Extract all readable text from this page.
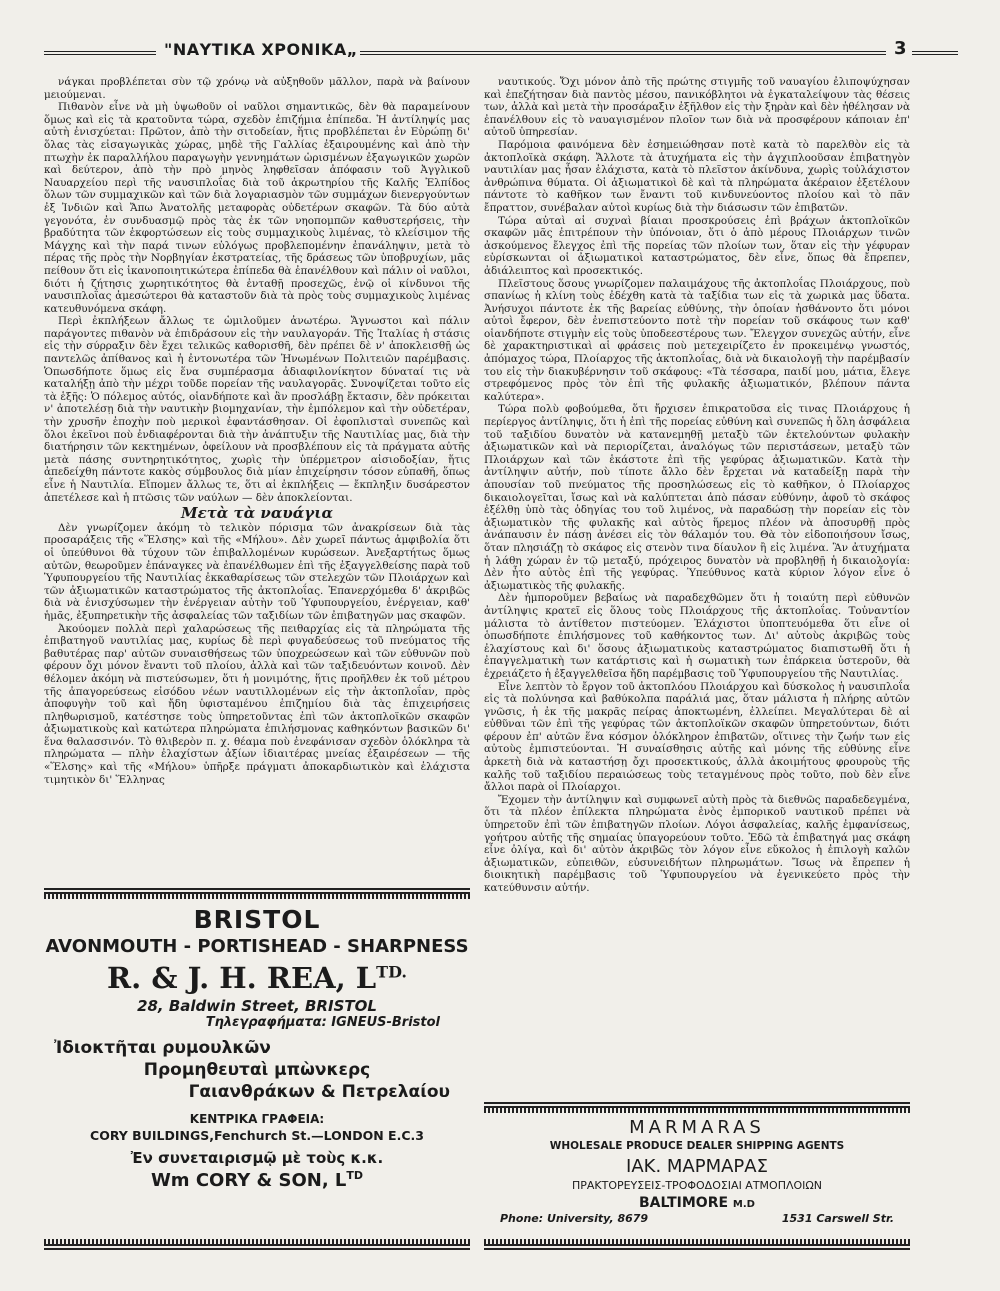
"ΝΑΥΤΙΚΑ ΧΡΟΝΙΚΑ„	3

νάγκαι προβλέπεται σὺν τῷ χρόνῳ νὰ αὐξηθοῦν μᾶλλον, παρὰ νὰ βαίνουν μειούμεναι.

Πιθανὸν εἶνε νὰ μὴ ὑψωθοῦν οἱ ναῦλοι σημαντικῶς, δὲν θὰ παραμείνουν ὅμως καὶ εἰς τὰ κρατοῦντα τώρα, σχεδὸν ἐπιζήμια ἐπίπεδα. Ἡ ἀντίληψίς μας αὐτὴ ἐνισχύεται: Πρῶτον, ἀπὸ τὴν σιτοδείαν, ἥτις προβλέπεται ἐν Εὐρώπῃ δι' ὅλας τὰς εἰσαγωγικὰς χώρας, μηδὲ τῆς Γαλλίας ἐξαιρουμένης καὶ ἀπὸ τὴν πτωχὴν ἐκ παραλλήλου παραγωγὴν γεννημάτων ὡρισμένων ἐξαγωγικῶν χωρῶν καὶ δεύτερον, ἀπὸ τὴν πρὸ μηνὸς ληφθεῖσαν ἀπόφασιν τοῦ Ἀγγλικοῦ Ναυαρχείου περὶ τῆς ναυσιπλοΐας διὰ τοῦ ἀκρωτηρίου τῆς Καλῆς Ἐλπίδος ὅλων τῶν συμμαχικῶν καὶ τῶν διὰ λογαριασμὸν τῶν συμμάχων διενεργούντων ἐξ Ἰνδιῶν καὶ Ἄπω Ἀνατολῆς μεταφορὰς οὐδετέρων σκαφῶν. Τὰ δύο αὐτὰ γεγονότα, ἐν συνδυασμῷ πρὸς τὰς ἐκ τῶν νηοπομπῶν καθυστερήσεις, τὴν βραδύτητα τῶν ἐκφορτώσεων εἰς τοὺς συμμαχικοὺς λιμένας, τὸ κλείσιμον τῆς Μάγχης καὶ τὴν παρά τινων εὐλόγως προβλεπομένην ἐπανάληψιν, μετὰ τὸ πέρας τῆς πρὸς τὴν Νορβηγίαν ἐκστρατείας, τῆς δράσεως τῶν ὑποβρυχίων, μᾶς πείθουν ὅτι εἰς ἱκανοποιητικώτερα ἐπίπεδα θὰ ἐπανέλθουν καὶ πάλιν οἱ ναῦλοι, διότι ἡ ζήτησις χωρητικότητος θὰ ἐνταθῇ προσεχῶς, ἐνῷ οἱ κίνδυνοι τῆς ναυσιπλοΐας ἀμεσώτεροι θὰ καταστοῦν διὰ τὰ πρὸς τοὺς συμμαχικοὺς λιμένας κατευθυνόμενα σκάφη.

Περὶ ἐκπλήξεων ἄλλως τε ὡμιλοῦμεν ἀνωτέρω. Ἄγνωστοι καὶ πάλιν παράγοντες πιθανὸν νὰ ἐπιδράσουν εἰς τὴν ναυλαγοράν. Τῆς Ἰταλίας ἡ στάσις εἰς τὴν σύρραξιν δὲν ἔχει τελικῶς καθορισθῆ, δὲν πρέπει δὲ ν' ἀποκλεισθῇ ὡς παντελῶς ἀπίθανος καὶ ἡ ἐντονωτέρα τῶν Ἡνωμένων Πολιτειῶν παρέμβασις. Ὁπωσδήποτε ὅμως εἰς ἕνα συμπέρασμα ἀδιαφιλονίκητον δύναταί τις νὰ καταλήξῃ ἀπὸ τὴν μέχρι τοῦδε πορείαν τῆς ναυλαγορᾶς. Συνοψίζεται τοῦτο εἰς τὰ ἑξῆς: Ὁ πόλεμος αὐτός, οἱανδήποτε καὶ ἂν προσλάβῃ ἔκτασιν, δὲν πρόκειται ν' ἀποτελέσῃ διὰ τὴν ναυτικὴν βιομηχανίαν, τὴν ἐμπόλεμον καὶ τὴν οὐδετέραν, τὴν χρυσῆν ἐποχὴν ποὺ μερικοὶ ἐφαντάσθησαν. Οἱ ἐφοπλισταὶ συνεπῶς καὶ ὅλοι ἐκεῖνοι ποὺ ἐνδιαφέρονται διὰ τὴν ἀνάπτυξιν τῆς Ναυτιλίας μας, διὰ τὴν διατήρησιν τῶν κεκτημένων, ὀφείλουν νὰ προσβλέπουν εἰς τὰ πράγματα αὐτῆς μετὰ πάσης συντηρητικότητος, χωρὶς τὴν ὑπέρμετρον αἰσιοδοξίαν, ἥτις ἀπεδείχθη πάντοτε κακὸς σύμβουλος διὰ μίαν ἐπιχείρησιν τόσον εὐπαθῆ, ὅπως εἶνε ἡ Ναυτιλία. Εἴπομεν ἄλλως τε, ὅτι αἱ ἐκπλήξεις — ἔκπληξιν δυσάρεστον ἀπετέλεσε καὶ ἡ πτῶσις τῶν ναύλων — δὲν ἀποκλείονται.

Μετὰ τὰ ναυάγια

Δὲν γνωρίζομεν ἀκόμη τὸ τελικὸν πόρισμα τῶν ἀνακρίσεων διὰ τὰς προσαράξεις τῆς «Ἕλσης» καὶ τῆς «Μήλου». Δὲν χωρεῖ πάντως ἀμφιβολία ὅτι οἱ ὑπεύθυνοι θὰ τύχουν τῶν ἐπιβαλλομένων κυρώσεων. Ἀνεξαρτήτως ὅμως αὐτῶν, θεωροῦμεν ἐπάναγκες νὰ ἐπανέλθωμεν ἐπὶ τῆς ἐξαγγελθείσης παρὰ τοῦ Ὑφυπουργείου τῆς Ναυτιλίας ἐκκαθαρίσεως τῶν στελεχῶν τῶν Πλοιάρχων καὶ τῶν ἀξιωματικῶν καταστρώματος τῆς ἀκτοπλοΐας. Ἐπανερχόμεθα δ' ἀκριβῶς διὰ νὰ ἐνισχύσωμεν τὴν ἐνέργειαν αὐτὴν τοῦ Ὑφυπουργείου, ἐνέργειαν, καθ' ἡμᾶς, ἐξυπηρετικὴν τῆς ἀσφαλείας τῶν ταξιδίων τῶν ἐπιβατηγῶν μας σκαφῶν.

Ἀκούομεν πολλὰ περὶ χαλαρώσεως τῆς πειθαρχίας εἰς τὰ πληρώματα τῆς ἐπιβατηγοῦ ναυτιλίας μας, κυρίως δὲ περὶ φυγαδεύσεως τοῦ πνεύματος τῆς βαθυτέρας παρ' αὐτῶν συναισθήσεως τῶν ὑποχρεώσεων καὶ τῶν εὐθυνῶν ποὺ φέρουν ὄχι μόνον ἔναντι τοῦ πλοίου, ἀλλὰ καὶ τῶν ταξιδευόντων κοινοῦ. Δὲν θέλομεν ἀκόμη νὰ πιστεύσωμεν, ὅτι ἡ μονιμότης, ἥτις προῆλθεν ἐκ τοῦ μέτρου τῆς ἀπαγορεύσεως εἰσόδου νέων ναυτιλλομένων εἰς τὴν ἀκτοπλοΐαν, πρὸς ἀποφυγὴν τοῦ καὶ ἤδη ὑφισταμένου ἐπιζημίου διὰ τὰς ἐπιχειρήσεις πληθωρισμοῦ, κατέστησε τοὺς ὑπηρετοῦντας ἐπὶ τῶν ἀκτοπλοϊκῶν σκαφῶν ἀξιωματικοὺς καὶ κατώτερα πληρώματα ἐπιλήσμονας καθηκόντων βασικῶν δι' ἕνα θαλασσινόν. Τὸ θλιβερὸν π. χ. θέαμα ποὺ ἐνεφάνισαν σχεδὸν ὁλόκληρα τὰ πληρώματα — πλὴν ἐλαχίστων ἀξίων ἰδιαιτέρας μνείας ἐξαιρέσεων — τῆς «Ἕλσης» καὶ τῆς «Μήλου» ὑπῆρξε πράγματι ἀποκαρδιωτικὸν καὶ ἐλάχιστα τιμητικὸν δι' Ἕλληνας

ναυτικούς. Ὄχι μόνον ἀπὸ τῆς πρώτης στιγμῆς τοῦ ναυαγίου ἐλιποψύχησαν καὶ ἐπεζήτησαν διὰ παντὸς μέσου, πανικόβλητοι νὰ ἐγκαταλείψουν τὰς θέσεις των, ἀλλὰ καὶ μετὰ τὴν προσάραξιν ἐξῆλθον εἰς τὴν ξηρὰν καὶ δὲν ἠθέλησαν νὰ ἐπανέλθουν εἰς τὸ ναυαγισμένον πλοῖον των διὰ νὰ προσφέρουν κάποιαν ἐπ' αὐτοῦ ὑπηρεσίαν.

Παρόμοια φαινόμενα δὲν ἐσημειώθησαν ποτὲ κατὰ τὸ παρελθὸν εἰς τὰ ἀκτοπλοϊκὰ σκάφη. Ἄλλοτε τὰ ἀτυχήματα εἰς τὴν ἀγχιπλοοῦσαν ἐπιβατηγὸν ναυτιλίαν μας ἦσαν ἐλάχιστα, κατὰ τὸ πλεῖστον ἀκίνδυνα, χωρὶς τοὐλάχιστον ἀνθρώπινα θύματα. Οἱ ἀξιωματικοὶ δὲ καὶ τὰ πληρώματα ἀκέραιον ἐξετέλουν πάντοτε τὸ καθῆκον των ἔναντι τοῦ κινδυνεύοντος πλοίου καὶ τὸ πᾶν ἔπραττον, συνέβαλαν αὐτοὶ κυρίως διὰ τὴν διάσωσιν τῶν ἐπιβατῶν.

Τώρα αὐταὶ αἱ συχναὶ βίαιαι προσκρούσεις ἐπὶ βράχων ἀκτοπλοϊκῶν σκαφῶν μᾶς ἐπιτρέπουν τὴν ὑπόνοιαν, ὅτι ὁ ἀπὸ μέρους Πλοιάρχων τινῶν ἀσκούμενος ἔλεγχος ἐπὶ τῆς πορείας τῶν πλοίων των, ὅταν εἰς τὴν γέφυραν εὑρίσκωνται οἱ ἀξιωματικοὶ καταστρώματος, δὲν εἶνε, ὅπως θὰ ἔπρεπεν, ἀδιάλειπτος καὶ προσεκτικός.

Πλεῖστους ὅσους γνωρίζομεν παλαιμάχους τῆς ἀκτοπλοΐας Πλοιάρχους, ποὺ σπανίως ἡ κλίνη τοὺς ἐδέχθη κατὰ τὰ ταξίδια των εἰς τὰ χωρικὰ μας ὕδατα. Ἀνήσυχοι πάντοτε ἐκ τῆς βαρείας εὐθύνης, τὴν ὁποίαν ἠσθάνοντο ὅτι μόνοι αὐτοὶ ἔφερον, δὲν ἐνεπιστεύοντο ποτὲ τὴν πορείαν τοῦ σκάφους των καθ' οἱανδήποτε στιγμὴν εἰς τοὺς ὑποδεεστέρους των. Ἔλεγχον συνεχῶς αὐτήν, εἶνε δὲ χαρακτηριστικαὶ αἱ φράσεις ποὺ μετεχειρίζετο ἐν προκειμένῳ γνωστός, ἀπόμαχος τώρα, Πλοίαρχος τῆς ἀκτοπλοΐας, διὰ νὰ δικαιολογῇ τὴν παρέμβασίν του εἰς τὴν διακυβέρνησιν τοῦ σκάφους: «Τὰ τέσσαρα, παιδί μου, μάτια, ἔλεγε στρεφόμενος πρὸς τὸν ἐπὶ τῆς φυλακῆς ἀξιωματικόν, βλέπουν πάντα καλύτερα».

Τώρα πολὺ φοβούμεθα, ὅτι ἤρχισεν ἐπικρατοῦσα εἰς τινας Πλοιάρχους ἡ περίεργος ἀντίληψις, ὅτι ἡ ἐπὶ τῆς πορείας εὐθύνη καὶ συνεπῶς ἡ ὅλη ἀσφάλεια τοῦ ταξιδίου δυνατὸν νὰ κατανεμηθῇ μεταξὺ τῶν ἐκτελούντων φυλακὴν ἀξιωματικῶν καὶ νὰ περιορίζεται, ἀναλόγως τῶν περιστάσεων, μεταξὺ τῶν Πλοιάρχων καὶ τῶν ἑκάστοτε ἐπὶ τῆς γεφύρας ἀξιωματικῶν. Κατὰ τὴν ἀντίληψιν αὐτήν, ποὺ τίποτε ἄλλο δὲν ἔρχεται νὰ καταδείξῃ παρὰ τὴν ἀπουσίαν τοῦ πνεύματος τῆς προσηλώσεως εἰς τὸ καθῆκον, ὁ Πλοίαρχος δικαιολογεῖται, ἴσως καὶ νὰ καλύπτεται ἀπὸ πάσαν εὐθύνην, ἀφοῦ τὸ σκάφος ἐξέλθῃ ὑπὸ τὰς ὁδηγίας του τοῦ λιμένος, νὰ παραδώσῃ τὴν πορείαν εἰς τὸν ἀξιωματικὸν τῆς φυλακῆς καὶ αὐτὸς ἥρεμος πλέον νὰ ἀποσυρθῇ πρὸς ἀνάπαυσιν ἐν πάσῃ ἀνέσει εἰς τὸν θάλαμόν του. Θὰ τὸν εἰδοποιήσουν ἴσως, ὅταν πλησιάζῃ τὸ σκάφος εἰς στενὸν τινα δίαυλον ἢ εἰς λιμένα. Ἂν ἀτυχήματα ἡ λάθη χώραν ἐν τῷ μεταξύ, πρόχειρος δυνατὸν νὰ προβληθῇ ἡ δικαιολογία: Δὲν ἦτο αὐτὸς ἐπὶ τῆς γεφύρας. Ὑπεύθυνος κατὰ κύριον λόγον εἶνε ὁ ἀξιωματικὸς τῆς φυλακῆς.

Δὲν ἠμποροῦμεν βεβαίως νὰ παραδεχθῶμεν ὅτι ἡ τοιαύτη περὶ εὐθυνῶν ἀντίληψις κρατεῖ εἰς ὅλους τοὺς Πλοιάρχους τῆς ἀκτοπλοΐας. Τοὐναντίον μάλιστα τὸ ἀντίθετον πιστεύομεν. Ἐλάχιστοι ὑποπτευόμεθα ὅτι εἶνε οἱ ὁπωσδήποτε ἐπιλήσμονες τοῦ καθήκοντος των. Δι' αὐτοὺς ἀκριβῶς τοὺς ἐλαχίστους καὶ δι' ὅσους ἀξιωματικοὺς καταστρώματος διαπιστωθῆ ὅτι ἡ ἐπαγγελματικὴ των κατάρτισις καὶ ἡ σωματικὴ των ἐπάρκεια ὑστεροῦν, θὰ ἐχρειάζετο ἡ ἐξαγγελθεῖσα ἤδη παρέμβασις τοῦ Ὑφυπουργείου τῆς Ναυτιλίας.

Εἶνε λεπτὸν τὸ ἔργον τοῦ ἀκτοπλόου Πλοιάρχου καὶ δύσκολος ἡ ναυσιπλοΐα εἰς τὰ πολύνησα καὶ βαθύκολπα παράλιά μας, ὅταν μάλιστα ἡ πλήρης αὐτῶν γνῶσις, ἡ ἐκ τῆς μακρᾶς πείρας ἀποκτωμένη, ἐλλείπει. Μεγαλύτεραι δὲ αἱ εὐθῦναι τῶν ἐπὶ τῆς γεφύρας τῶν ἀκτοπλοϊκῶν σκαφῶν ὑπηρετούντων, διότι φέρουν ἐπ' αὐτῶν ἕνα κόσμον ὁλόκληρον ἐπιβατῶν, οἵτινες τὴν ζωήν των εἰς αὐτοὺς ἐμπιστεύονται. Ἡ συναίσθησις αὐτῆς καὶ μόνης τῆς εὐθύνης εἶνε ἀρκετὴ διὰ νὰ καταστήσῃ ὄχι προσεκτικούς, ἀλλὰ ἀκοιμήτους φρουροὺς τῆς καλῆς τοῦ ταξιδίου περαιώσεως τοὺς τεταγμένους πρὸς τοῦτο, ποὺ δὲν εἶνε ἄλλοι παρὰ οἱ Πλοίαρχοι.

Ἔχομεν τὴν ἀντίληψιν καὶ συμφωνεῖ αὐτὴ πρὸς τὰ διεθνῶς παραδεδεγμένα, ὅτι τὰ πλέον ἐπίλεκτα πληρώματα ἑνὸς ἐμπορικοῦ ναυτικοῦ πρέπει νὰ ὑπηρετοῦν ἐπὶ τῶν ἐπιβατηγῶν πλοίων. Λόγοι ἀσφαλείας, καλῆς ἐμφανίσεως, γοήτρου αὐτῆς τῆς σημαίας ὑπαγορεύουν τοῦτο. Ἐδῶ τὰ ἐπιβατηγά μας σκάφη εἶνε ὀλίγα, καὶ δι' αὐτὸν ἀκριβῶς τὸν λόγον εἶνε εὔκολος ἡ ἐπιλογὴ καλῶν ἀξιωματικῶν, εὐπειθῶν, εὐσυνειδήτων πληρωμάτων. Ἴσως νὰ ἔπρεπεν ἡ διοικητικὴ παρέμβασις τοῦ Ὑφυπουργείου νὰ ἐγενικεύετο πρὸς τὴν κατεύθυνσιν αὐτήν.

BRISTOL
AVONMOUTH - PORTISHEAD - SHARPNESS
R. & J. H. REA, $L^{TD.}$
28, Baldwin Street, BRISTOL
Τηλεγραφήματα: IGNEUS-Bristol
Ἰδιοκτῆται ρυμουλκῶν
Προμηθευταὶ μπὼνκερς
Γαιανθράκων & Πετρελαίου
ΚΕΝΤΡΙΚΑ ΓΡΑΦΕΙΑ:
CORY BUILDINGS,Fenchurch St.—LONDON E.C.3
Ἐν συνεταιρισμῷ μὲ τοὺς κ.κ.
Wm CORY & SON, $L^{TD}$
MARMARAS
WHOLESALE PRODUCE DEALER SHIPPING AGENTS
ΙΑΚ. ΜΑΡΜΑΡΑΣ
ΠΡΑΚΤΟΡΕΥΣΕΙΣ-ΤΡΟΦΟΔΟΣΙΑΙ ΑΤΜΟΠΛΟΙΩΝ
BALTIMORE M.D
Phone: University, 8679	1531 Carswell Str.
